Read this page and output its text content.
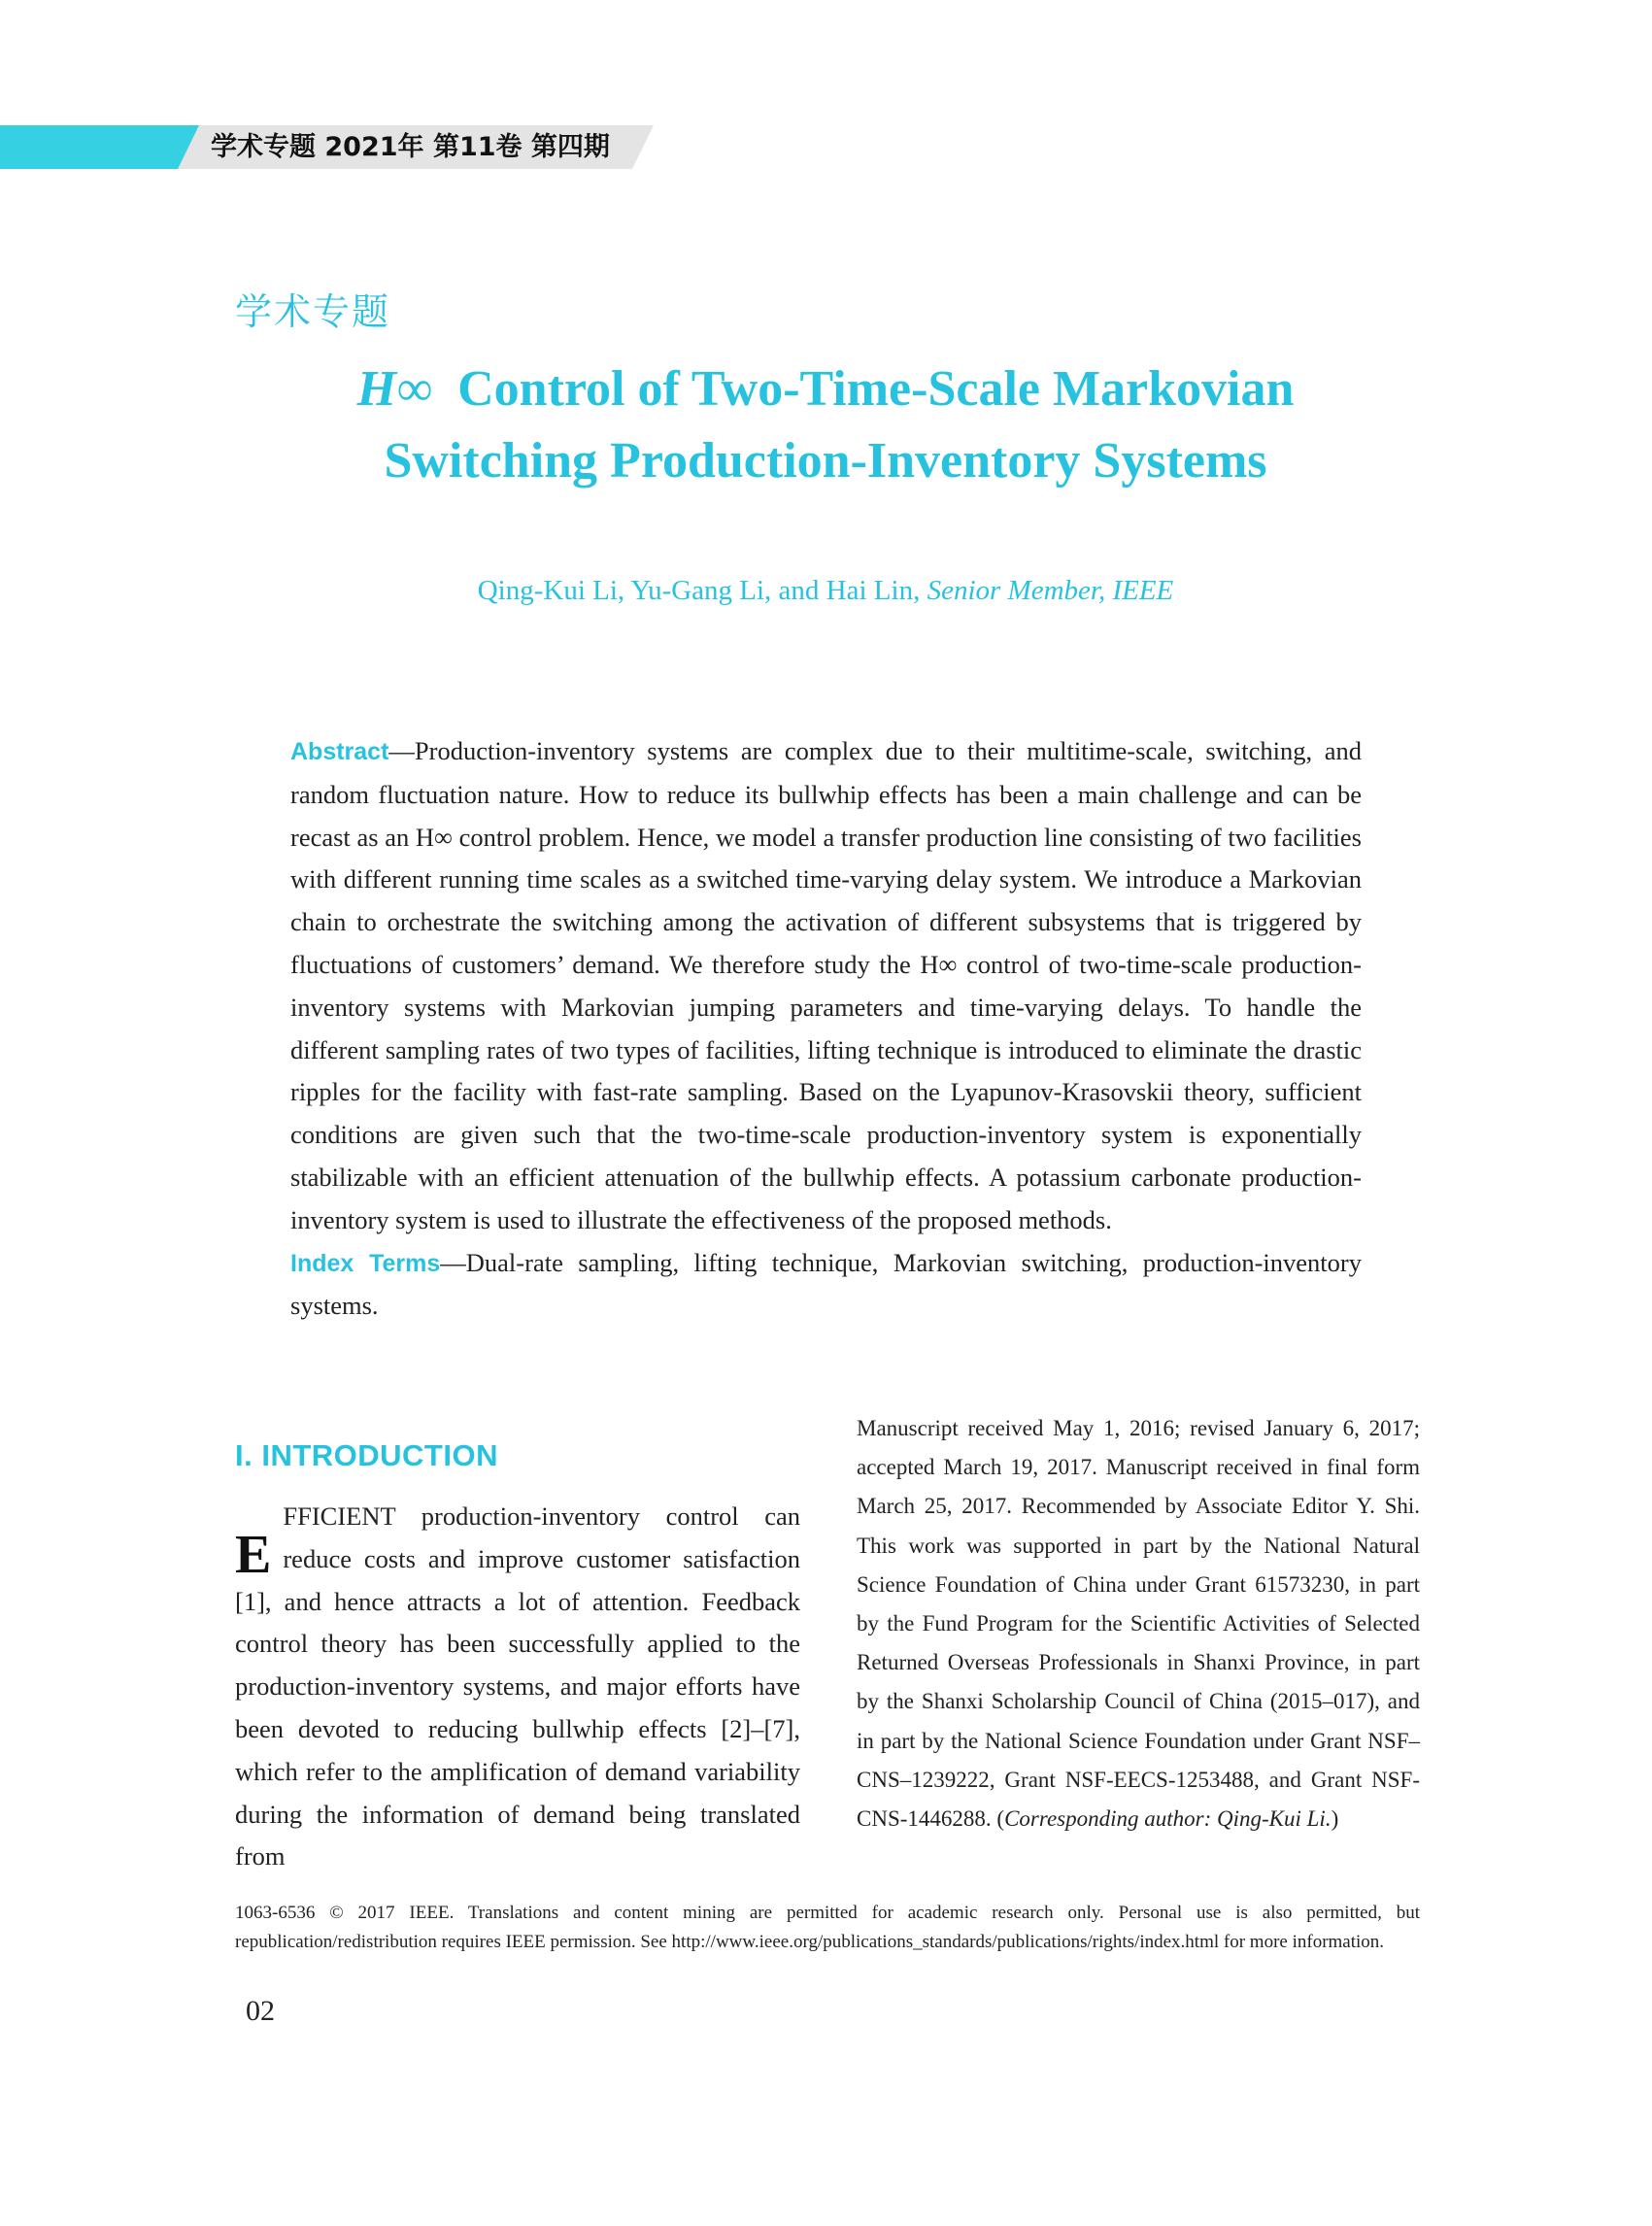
学术专题 2021年 第11卷 第四期
学术专题
H∞ Control of Two-Time-Scale Markovian
Switching Production-Inventory Systems

Qing-Kui Li, Yu-Gang Li, and Hai Lin, Senior Member, IEEE

Abstract—Production-inventory systems are complex due to their multitime-scale, switching, and random fluctuation nature. How to reduce its bullwhip effects has been a main challenge and can be recast as an H∞ control problem. Hence, we model a transfer production line consisting of two facilities with different running time scales as a switched time-varying delay system. We introduce a Markovian chain to orchestrate the switching among the activation of different subsystems that is triggered by fluctuations of customers’ demand. We therefore study the H∞ control of two-time-scale production-inventory systems with Markovian jumping parameters and time-varying delays. To handle the different sampling rates of two types of facilities, lifting technique is introduced to eliminate the drastic ripples for the facility with fast-rate sampling. Based on the Lyapunov-Krasovskii theory, sufficient conditions are given such that the two-time-scale production-inventory system is exponentially stabilizable with an efficient attenuation of the bullwhip effects. A potassium carbonate production-inventory system is used to illustrate the effectiveness of the proposed methods.
Index Terms—Dual-rate sampling, lifting technique, Markovian switching, production-inventory systems.

I. INTRODUCTION

E
FFICIENT production-inventory control can reduce costs and improve customer satisfaction [1], and hence attracts a lot of attention. Feedback control theory has been successfully applied to the production-inventory systems, and major efforts have been devoted to reducing bullwhip effects [2]–[7], which refer to the amplification of demand variability during the information of demand being translated from

Manuscript received May 1, 2016; revised January 6, 2017; accepted March 19, 2017. Manuscript received in final form March 25, 2017. Recommended by Associate Editor Y. Shi. This work was supported in part by the National Natural Science Foundation of China under Grant 61573230, in part by the Fund Program for the Scientific Activities of Selected Returned Overseas Professionals in Shanxi Province, in part by the Shanxi Scholarship Council of China (2015–017), and in part by the National Science Foundation under Grant NSF–CNS–1239222, Grant NSF-EECS-1253488, and Grant NSF-CNS-1446288. (Corresponding author: Qing-Kui Li.)

1063-6536 © 2017 IEEE. Translations and content mining are permitted for academic research only. Personal use is also permitted, but republication/redistribution requires IEEE permission. See http://www.ieee.org/publications_standards/publications/rights/index.html for more information.

02
